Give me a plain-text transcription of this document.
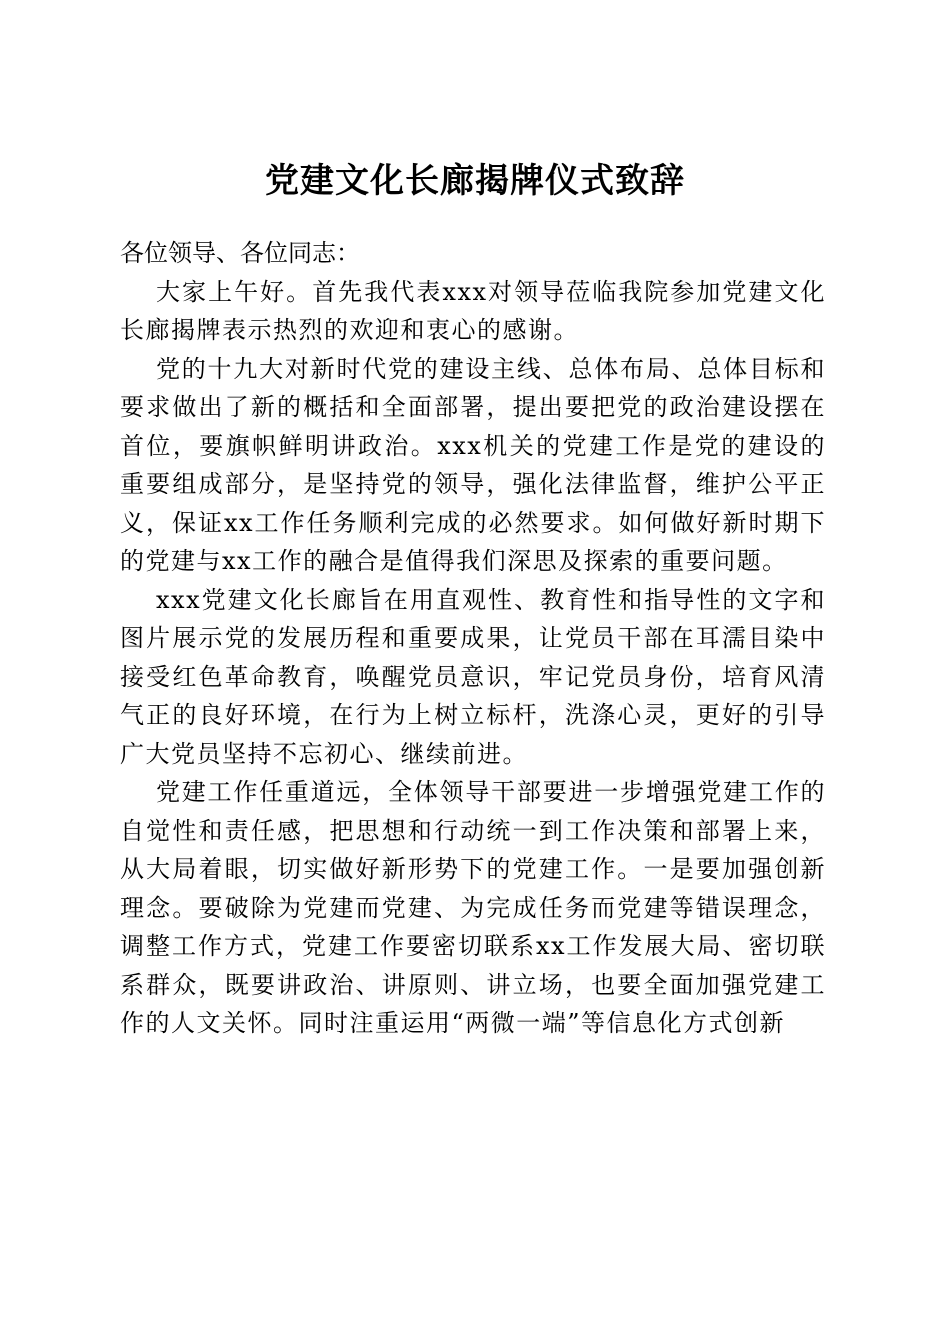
党建文化长廊揭牌仪式致辞

各位领导、各位同志：

大家上午好。首先我代表xxx对领导莅临我院参加党建文化长廊揭牌表示热烈的欢迎和衷心的感谢。

党的十九大对新时代党的建设主线、总体布局、总体目标和要求做出了新的概括和全面部署，提出要把党的政治建设摆在首位，要旗帜鲜明讲政治。xxx机关的党建工作是党的建设的重要组成部分，是坚持党的领导，强化法律监督，维护公平正义，保证xx工作任务顺利完成的必然要求。如何做好新时期下的党建与xx工作的融合是值得我们深思及探索的重要问题。

xxx党建文化长廊旨在用直观性、教育性和指导性的文字和图片展示党的发展历程和重要成果，让党员干部在耳濡目染中接受红色革命教育，唤醒党员意识，牢记党员身份，培育风清气正的良好环境，在行为上树立标杆，洗涤心灵，更好的引导广大党员坚持不忘初心、继续前进。

党建工作任重道远，全体领导干部要进一步增强党建工作的自觉性和责任感，把思想和行动统一到工作决策和部署上来，从大局着眼，切实做好新形势下的党建工作。一是要加强创新理念。要破除为党建而党建、为完成任务而党建等错误理念，调整工作方式，党建工作要密切联系xx工作发展大局、密切联系群众，既要讲政治、讲原则、讲立场，也要全面加强党建工作的人文关怀。同时注重运用“两微一端”等信息化方式创新
